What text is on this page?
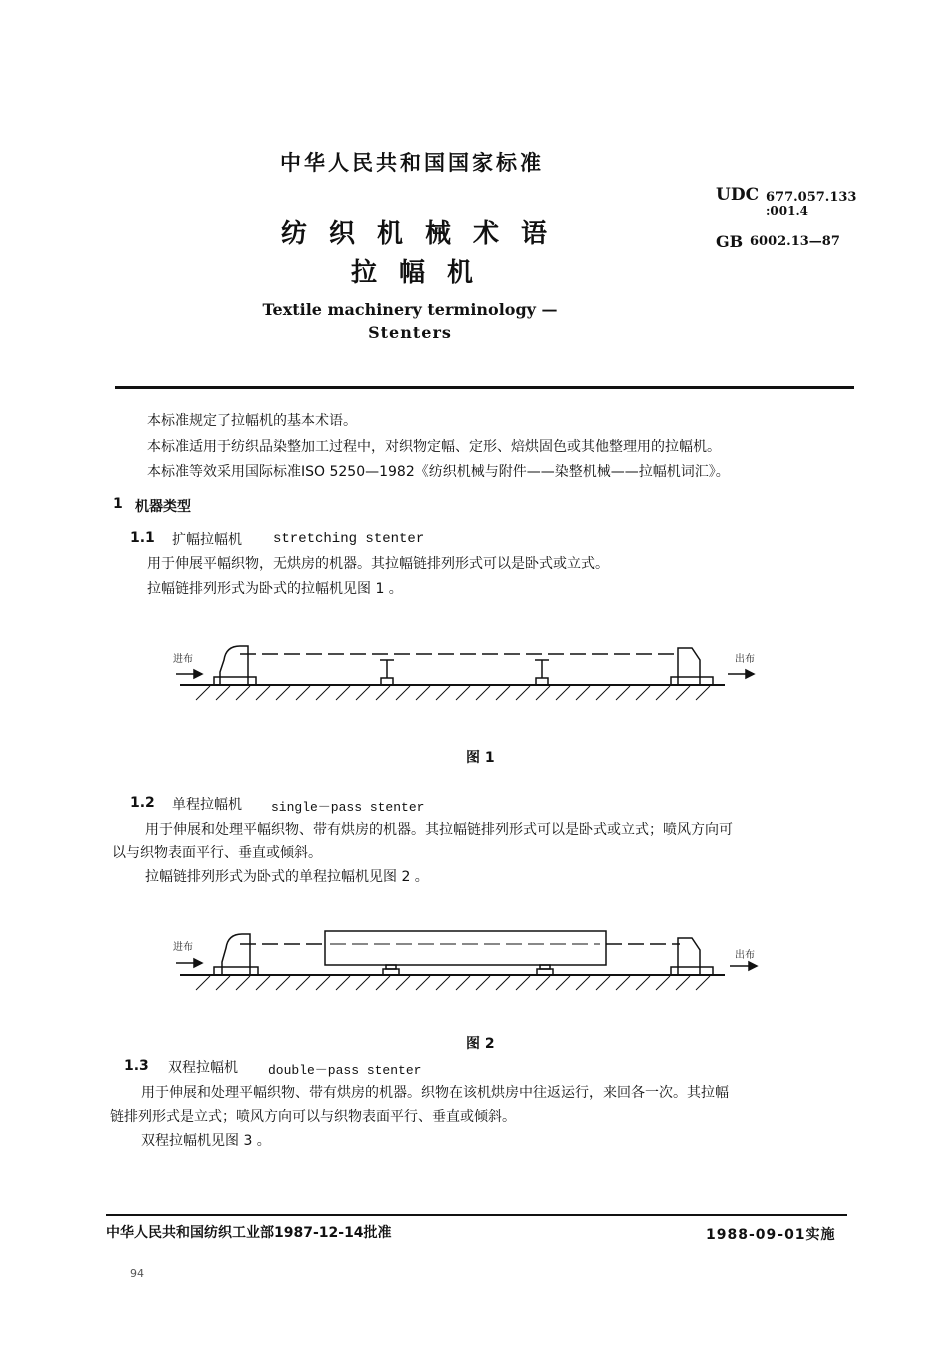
中华人民共和国国家标准
纺织机械术语
拉幅机
Textile machinery terminology —
Stenters
UDC 677.057.133
:001.4
GB 6002.13—87
本标准规定了拉幅机的基本术语。
本标准适用于纺织品染整加工过程中，对织物定幅、定形、焙烘固色或其他整理用的拉幅机。
本标准等效采用国际标准ISO 5250—1982《纺织机械与附件——染整机械——拉幅机词汇》。
1 机器类型
1.1 扩幅拉幅机 stretching stenter
用于伸展平幅织物，无烘房的机器。其拉幅链排列形式可以是卧式或立式。
拉幅链排列形式为卧式的拉幅机见图 1 。
进布	出布
图 1
1.2 单程拉幅机 single－pass stenter
用于伸展和处理平幅织物、带有烘房的机器。其拉幅链排列形式可以是卧式或立式；喷风方向可
以与织物表面平行、垂直或倾斜。
拉幅链排列形式为卧式的单程拉幅机见图 2 。
进布
出布
图 2
1.3 双程拉幅机 double－pass stenter
用于伸展和处理平幅织物、带有烘房的机器。织物在该机烘房中往返运行，来回各一次。其拉幅
链排列形式是立式；喷风方向可以与织物表面平行、垂直或倾斜。
双程拉幅机见图 3 。
中华人民共和国纺织工业部1987-12-14批准	1988-09-01实施
94
